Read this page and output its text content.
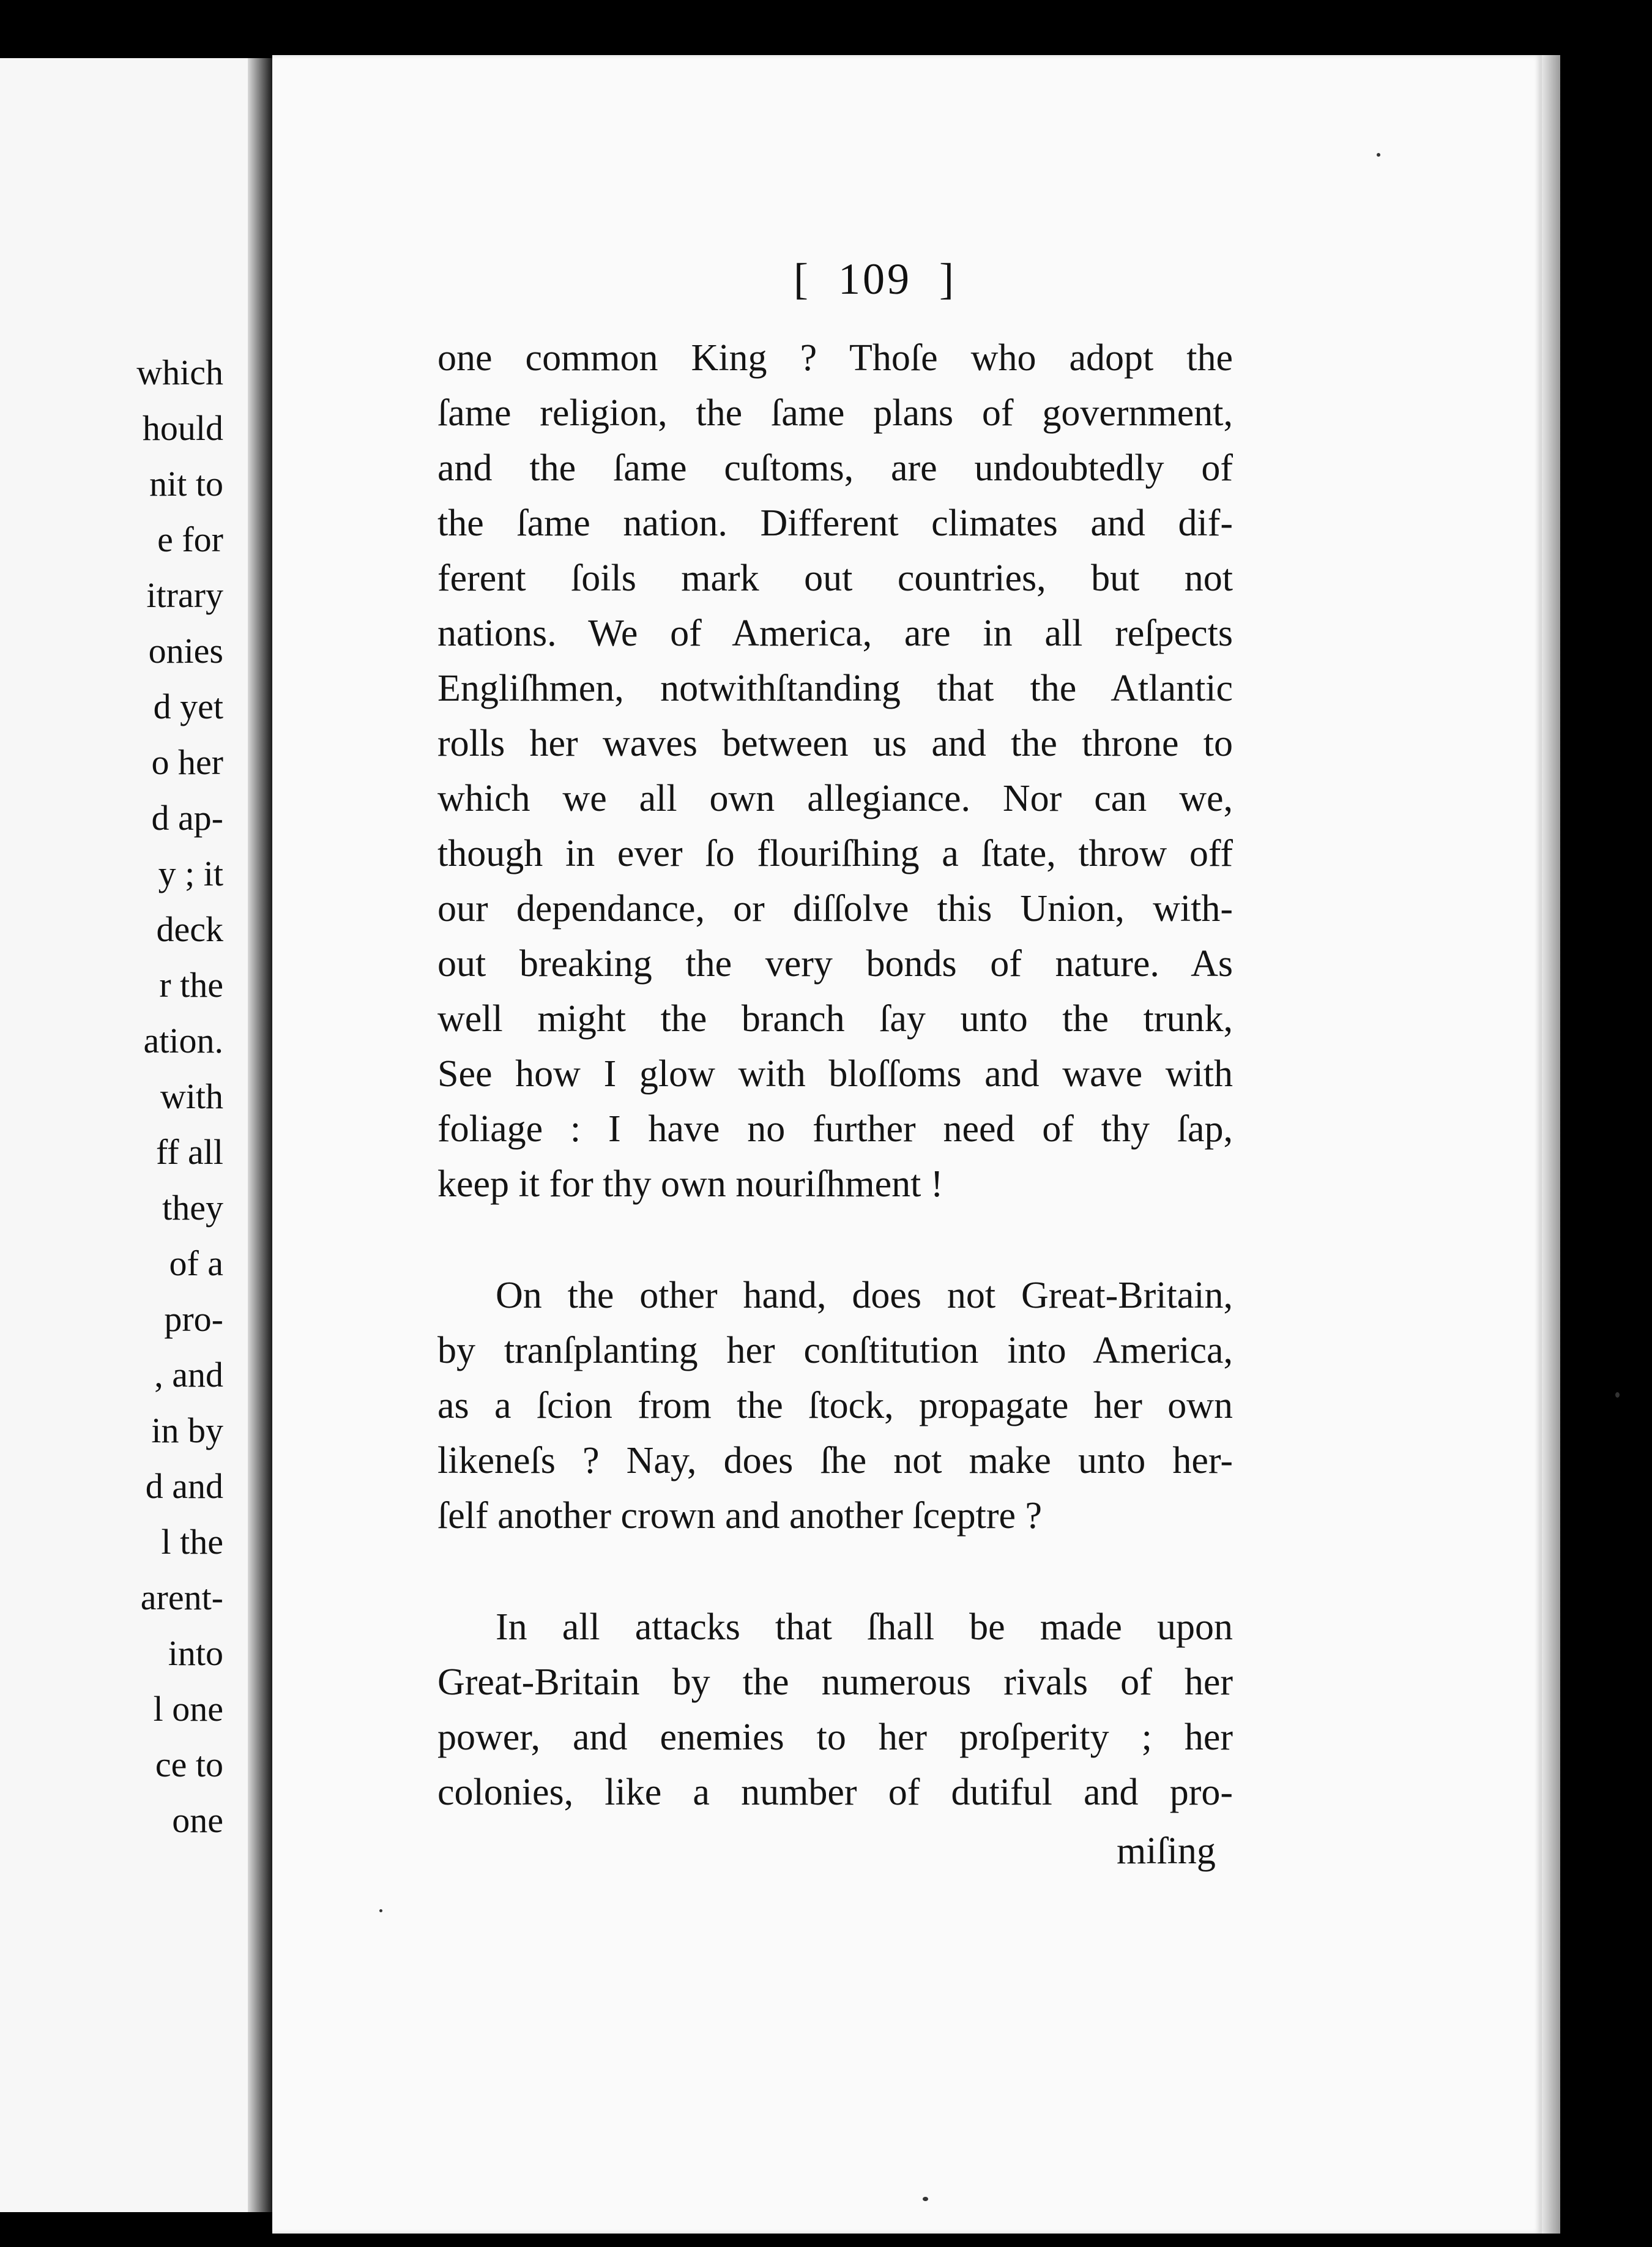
which
hould
nit to
e for
itrary
onies
d yet
o her
d ap-
y ; it
deck
r the
ation.
with
ff all
they
of a
pro-
, and
in by
d and
l the
arent-
into
l one
ce to
one
[ 109 ]
one common King ? Thoſe who adopt the
ſame religion, the ſame plans of government,
and the ſame cuſtoms, are undoubtedly of
the ſame nation. Different climates and dif-
ferent ſoils mark out countries, but not
nations. We of America, are in all reſpects
Engliſhmen, notwithſtanding that the Atlantic
rolls her waves between us and the throne to
which we all own allegiance. Nor can we,
though in ever ſo flouriſhing a ſtate, throw off
our dependance, or diſſolve this Union, with-
out breaking the very bonds of nature. As
well might the branch ſay unto the trunk,
See how I glow with bloſſoms and wave with
foliage : I have no further need of thy ſap,
keep it for thy own nouriſhment !
On the other hand, does not Great-Britain,
by tranſplanting her conſtitution into America,
as a ſcion from the ſtock, propagate her own
likeneſs ? Nay, does ſhe not make unto her-
ſelf another crown and another ſceptre ?
In all attacks that ſhall be made upon
Great-Britain by the numerous rivals of her
power, and enemies to her proſperity ; her
colonies, like a number of dutiful and pro-
miſing
